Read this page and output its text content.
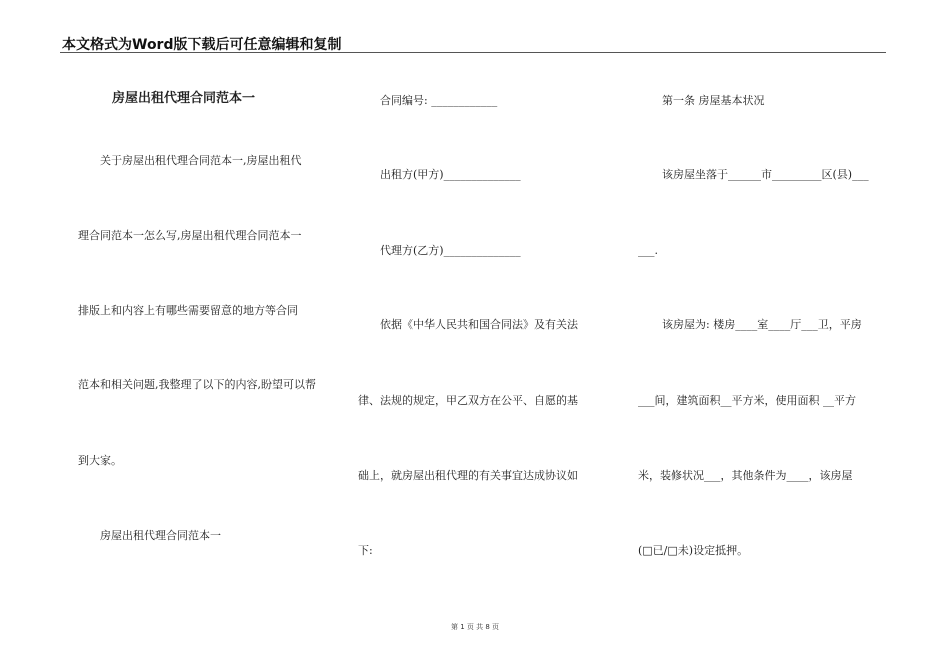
本文格式为Word版下载后可任意编辑和复制
房屋出租代理合同范本一
关于房屋出租代理合同范本一,房屋出租代
理合同范本一怎么写,房屋出租代理合同范本一
排版上和内容上有哪些需要留意的地方等合同
范本和相关问题,我整理了以下的内容,盼望可以帮
到大家。
房屋出租代理合同范本一
合同编号: ____________
出租方(甲方)______________
代理方(乙方)______________
依据《中华人民共和国合同法》及有关法
律、法规的规定，甲乙双方在公平、自愿的基
础上，就房屋出租代理的有关事宜达成协议如
下:
第一条 房屋基本状况
该房屋坐落于______市_________区(县)___
___.
该房屋为: 楼房____室____厅___卫，平房
___间，建筑面积__平方米，使用面积 __平方
米，装修状况___，其他条件为____，该房屋
(□已/□未)设定抵押。
第 1 页 共 8 页
